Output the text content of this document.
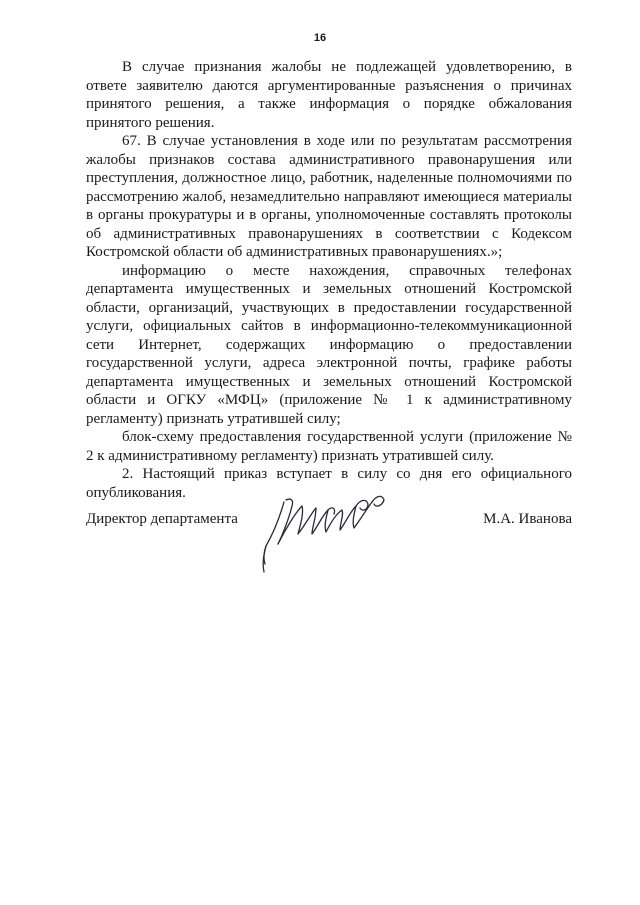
16

В случае признания жалобы не подлежащей удовлетворению, в ответе заявителю даются аргументированные разъяснения о причинах принятого решения, а также информация о порядке обжалования принятого решения.

67. В случае установления в ходе или по результатам рассмотрения жалобы признаков состава административного правонарушения или преступления, должностное лицо, работник, наделенные полномочиями по рассмотрению жалоб, незамедлительно направляют имеющиеся материалы в органы прокуратуры и в органы, уполномоченные составлять протоколы об административных правонарушениях в соответствии с Кодексом Костромской области об административных правонарушениях.»;

информацию о месте нахождения, справочных телефонах департамента имущественных и земельных отношений Костромской области, организаций, участвующих в предоставлении государственной услуги, официальных сайтов в информационно-телекоммуникационной сети Интернет, содержащих информацию о предоставлении государственной услуги, адреса электронной почты, графике работы департамента имущественных и земельных отношений Костромской области и ОГКУ «МФЦ» (приложение № 1 к административному регламенту) признать утратившей силу;

блок-схему предоставления государственной услуги (приложение № 2 к административному регламенту) признать утратившей силу.

2. Настоящий приказ вступает в силу со дня его официального опубликования.

Директор департамента	М.А. Иванова
